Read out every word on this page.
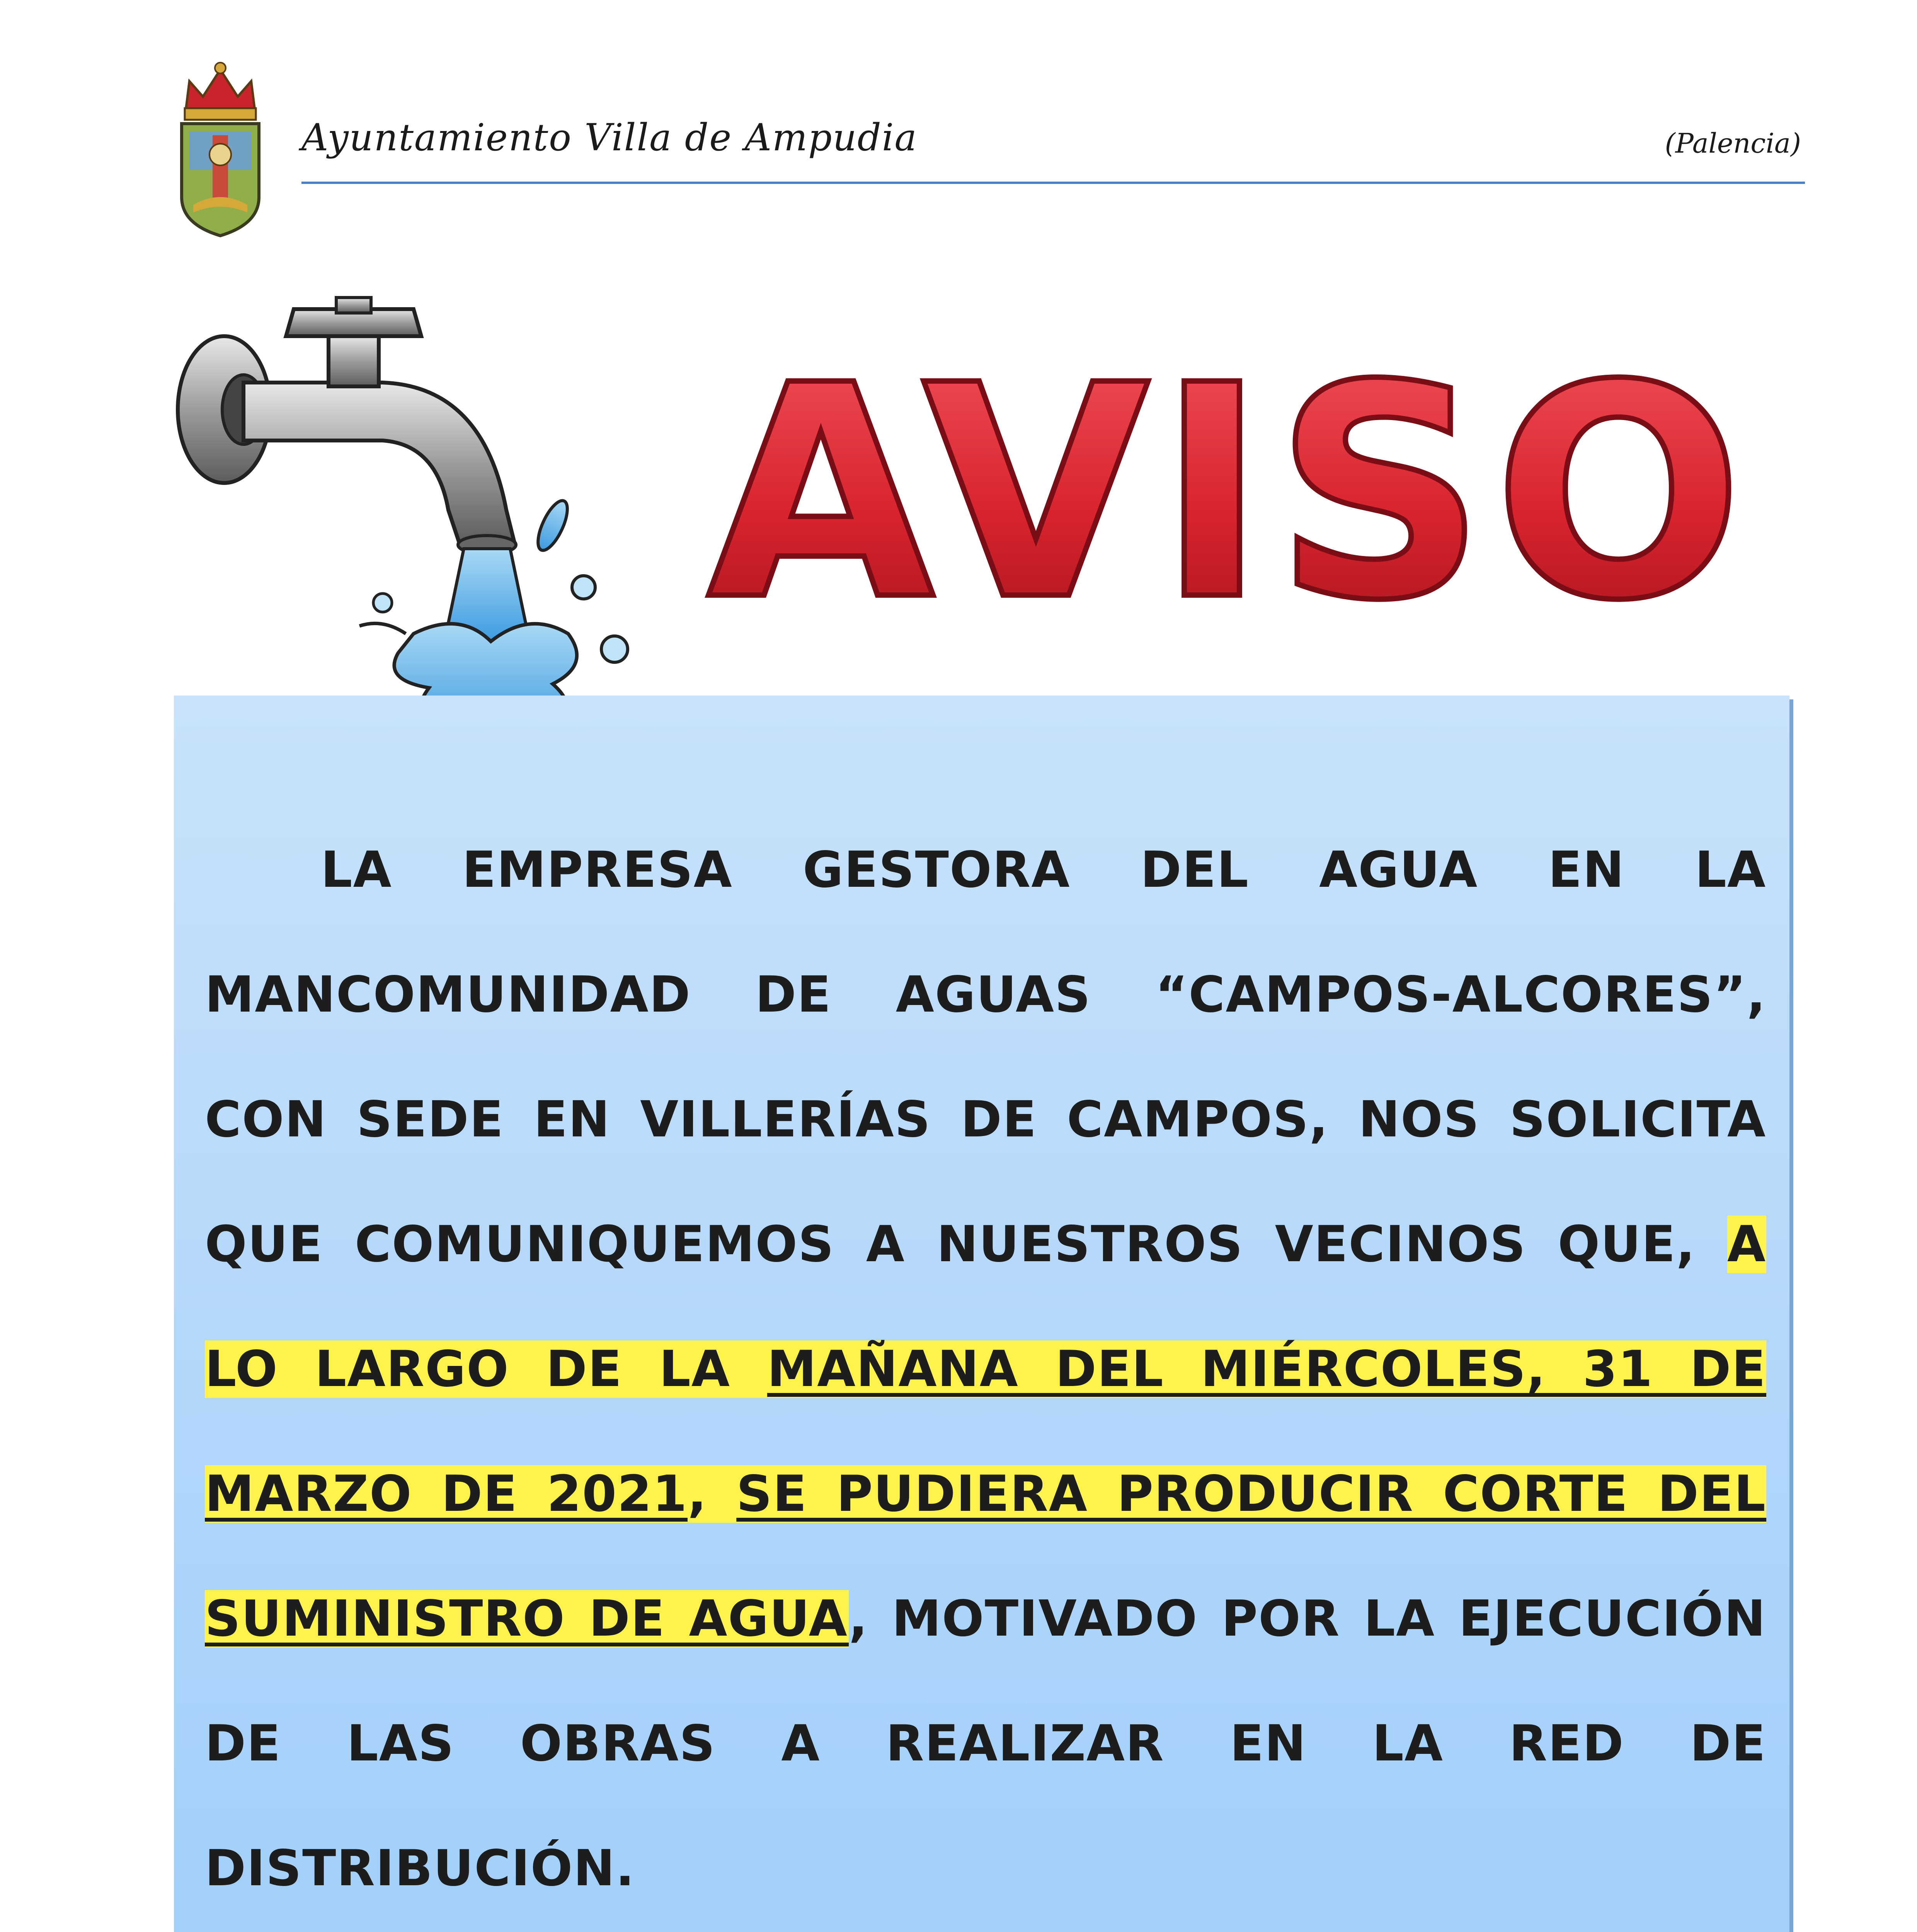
Ayuntamiento Villa de Ampudia	(Palencia)
AVISO

LA EMPRESA GESTORA DEL AGUA EN LA MANCOMUNIDAD DE AGUAS “CAMPOS-ALCORES”, CON SEDE EN VILLERÍAS DE CAMPOS, NOS SOLICITA QUE COMUNIQUEMOS A NUESTROS VECINOS QUE, A LO LARGO DE LA MAÑANA DEL MIÉRCOLES, 31 DE MARZO DE 2021, SE PUDIERA PRODUCIR CORTE DEL SUMINISTRO DE AGUA, MOTIVADO POR LA EJECUCIÓN DE LAS OBRAS A REALIZAR EN LA RED DE DISTRIBUCIÓN.
